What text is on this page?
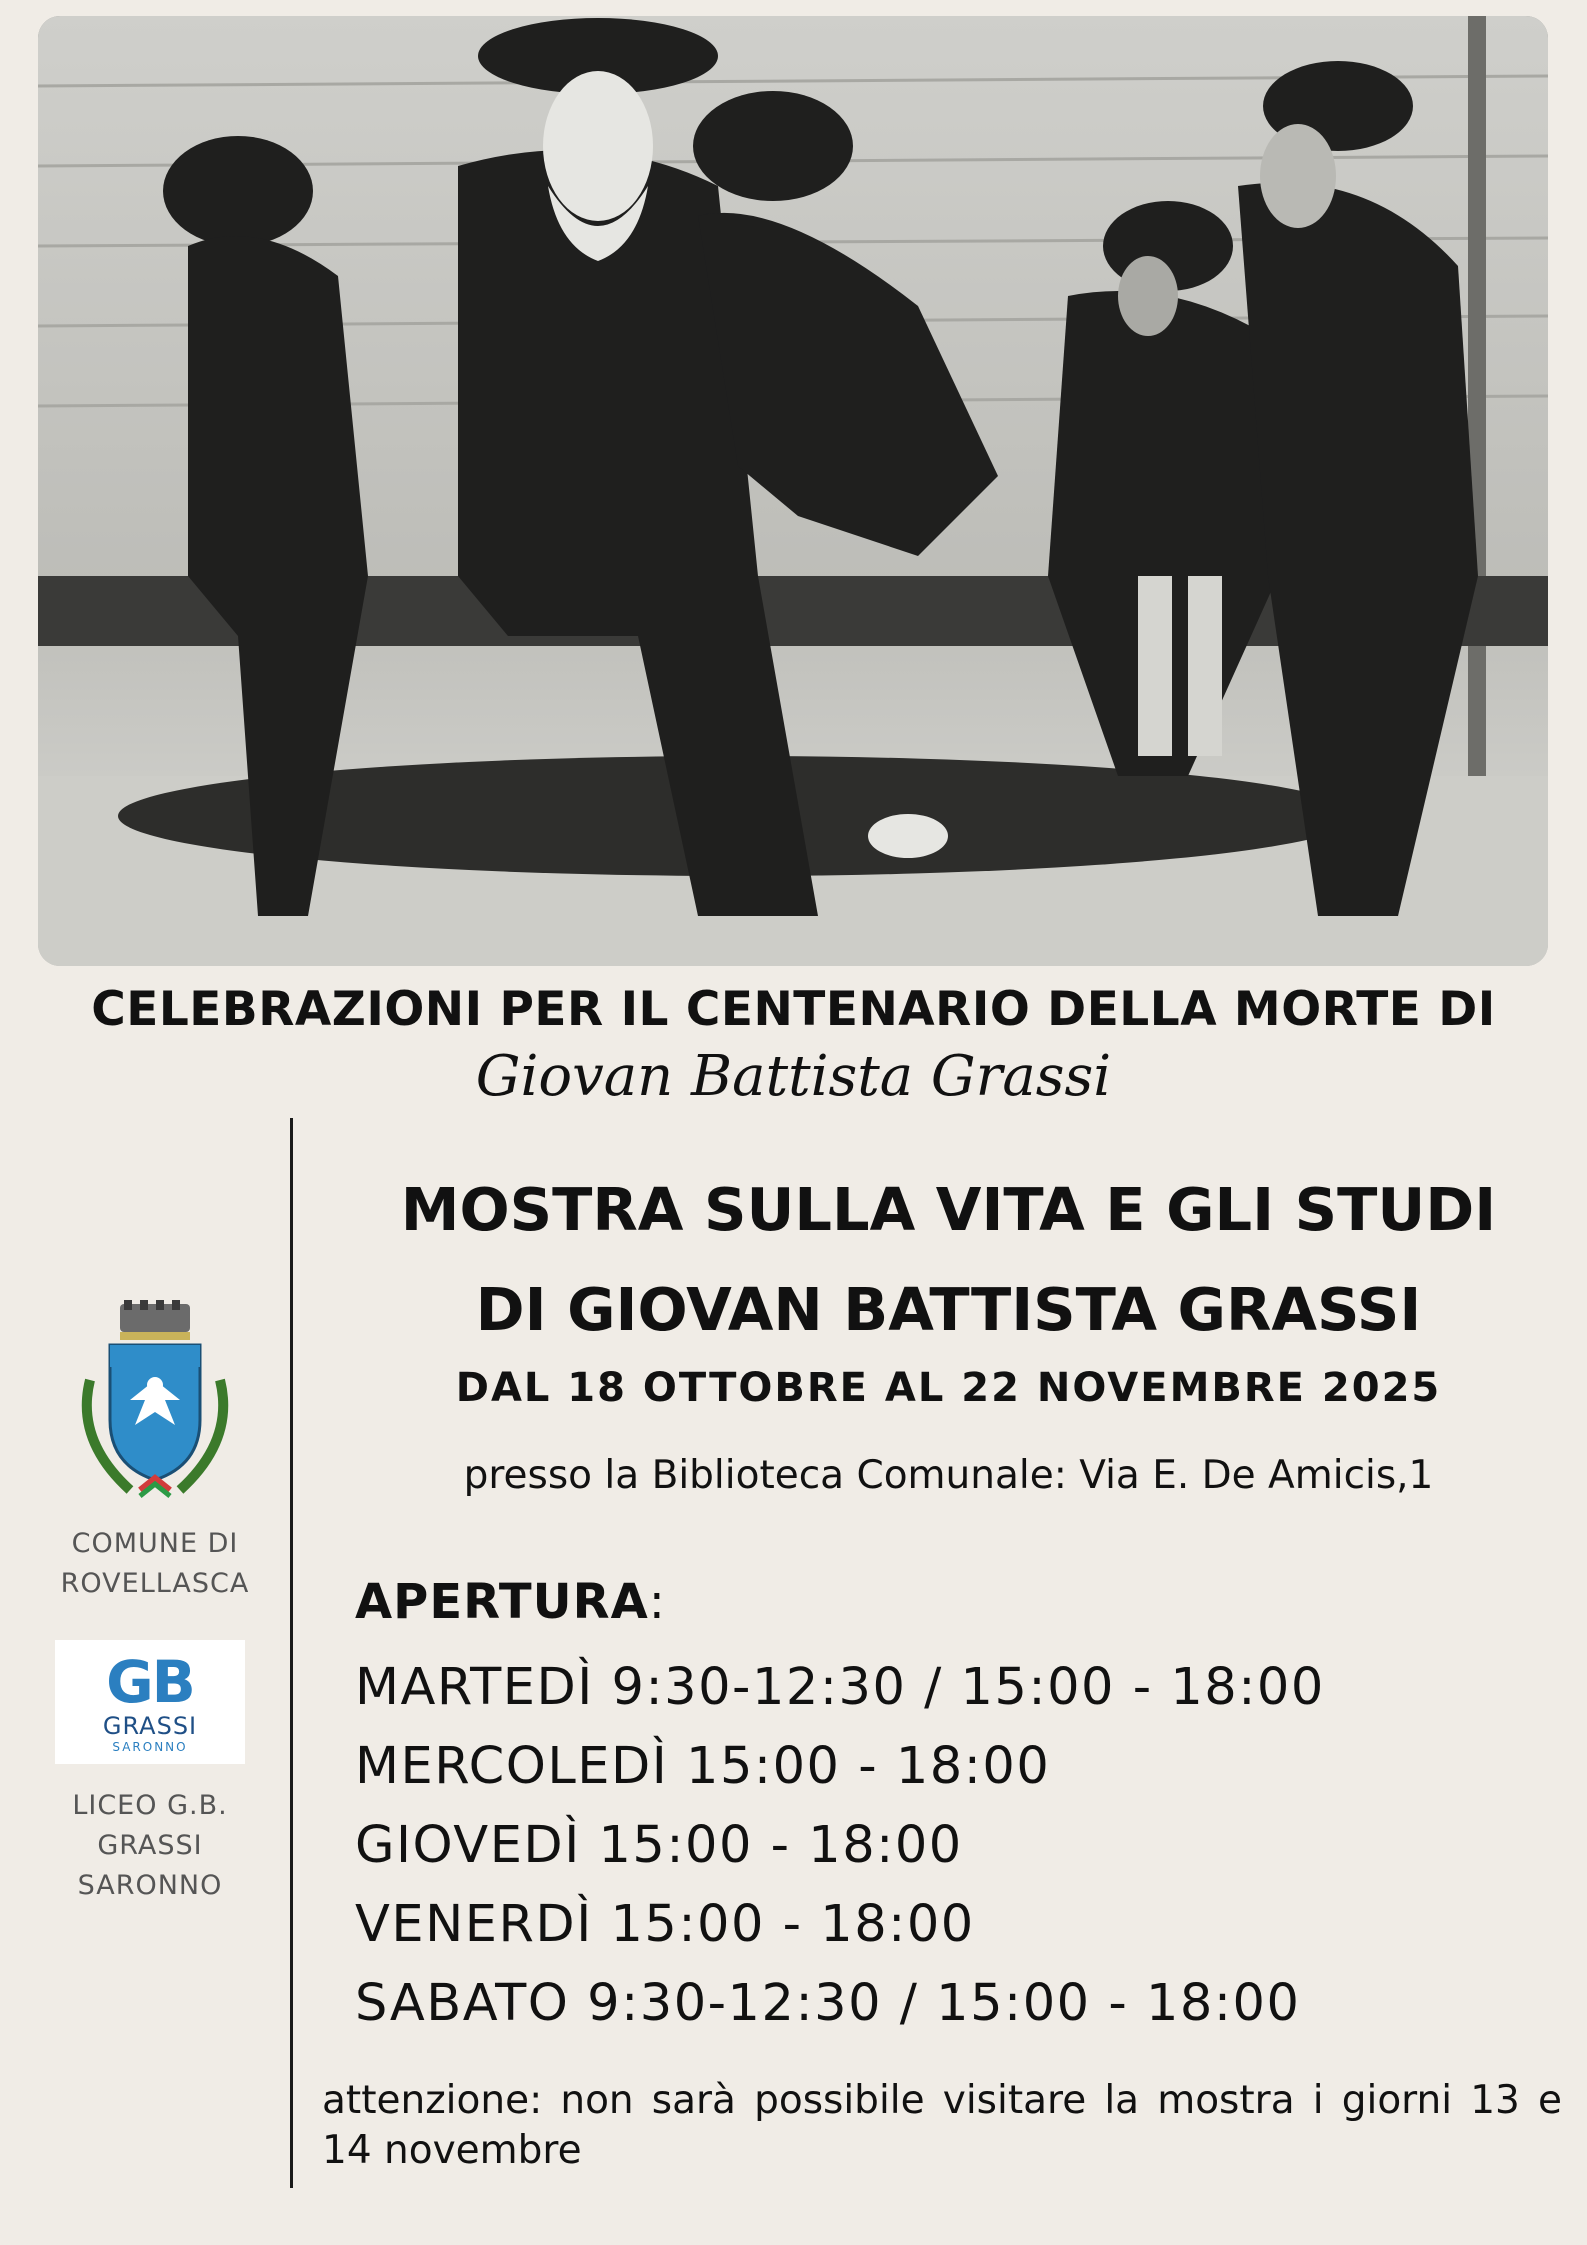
CELEBRAZIONI PER IL CENTENARIO DELLA MORTE DI
Giovan Battista Grassi
COMUNE DI
ROVELLASCA
GB
GRASSI
SARONNO
LICEO G.B.
GRASSI
SARONNO
MOSTRA SULLA VITA E GLI STUDI
DI GIOVAN BATTISTA GRASSI
DAL 18 OTTOBRE AL 22 NOVEMBRE 2025
presso la Biblioteca Comunale: Via E. De Amicis,1
APERTURA:
MARTEDÌ 9:30-12:30 / 15:00 - 18:00
MERCOLEDÌ 15:00 - 18:00
GIOVEDÌ 15:00 - 18:00
VENERDÌ 15:00 - 18:00
SABATO 9:30-12:30 / 15:00 - 18:00
attenzione: non sarà possibile visitare la mostra i giorni 13 e 14 novembre
